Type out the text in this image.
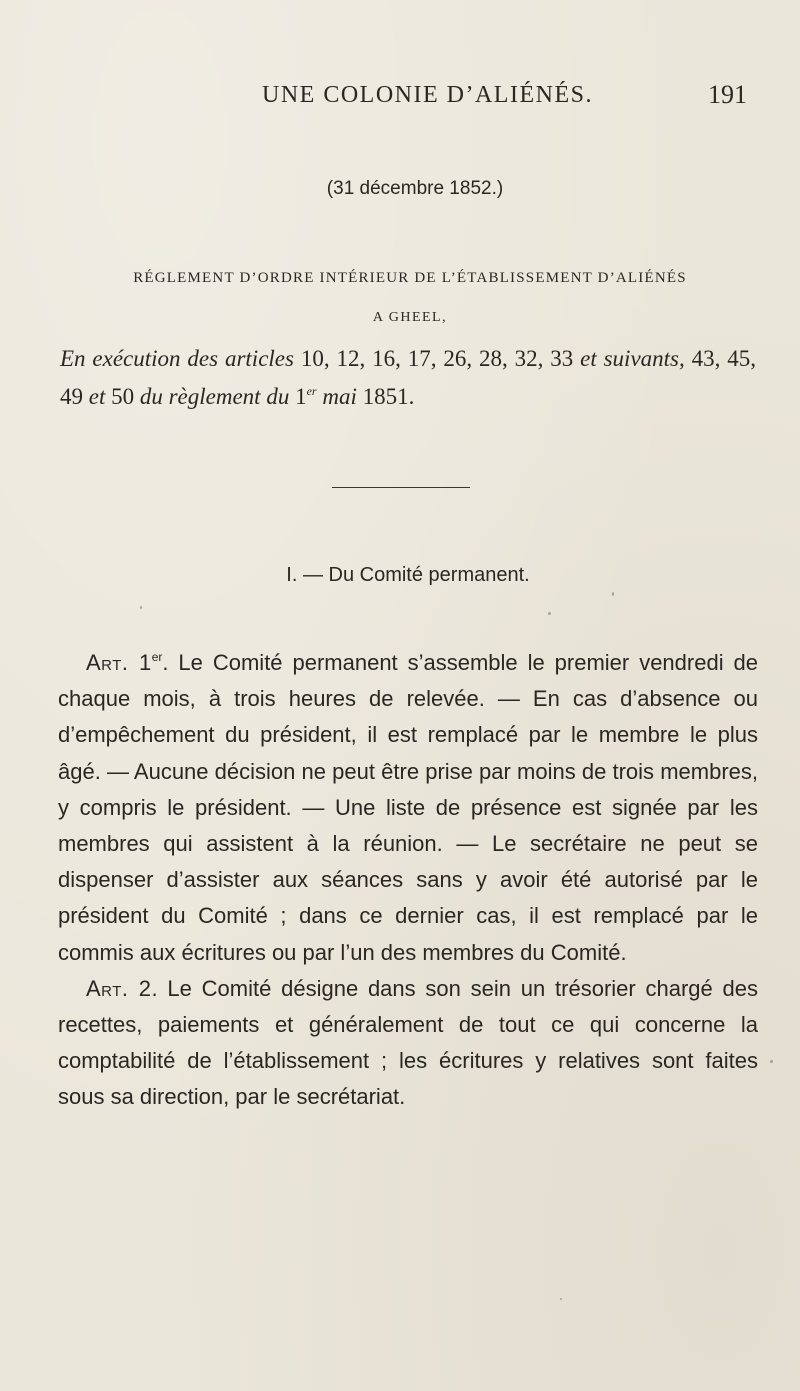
UNE COLONIE D’ALIÉNÉS.	191
(31 décembre 1852.)
RÉGLEMENT D’ORDRE INTÉRIEUR DE L’ÉTABLISSEMENT D’ALIÉNÉS
A GHEEL,
En exécution des articles 10, 12, 16, 17, 26, 28, 32, 33 et suivants, 43, 45, 49 et 50 du règlement du 1er mai 1851.
I. — Du Comité permanent.

Art. 1er. Le Comité permanent s’assemble le premier vendredi de chaque mois, à trois heures de relevée. — En cas d’absence ou d’empêchement du président, il est remplacé par le membre le plus âgé. — Aucune décision ne peut être prise par moins de trois membres, y compris le président. — Une liste de présence est signée par les membres qui assistent à la réunion. — Le secrétaire ne peut se dispenser d’assister aux séances sans y avoir été autorisé par le président du Comité ; dans ce dernier cas, il est remplacé par le commis aux écritures ou par l’un des membres du Comité.

Art. 2. Le Comité désigne dans son sein un trésorier chargé des recettes, paiements et généralement de tout ce qui concerne la comptabilité de l’établissement ; les écritures y relatives sont faites sous sa direction, par le secrétariat.
